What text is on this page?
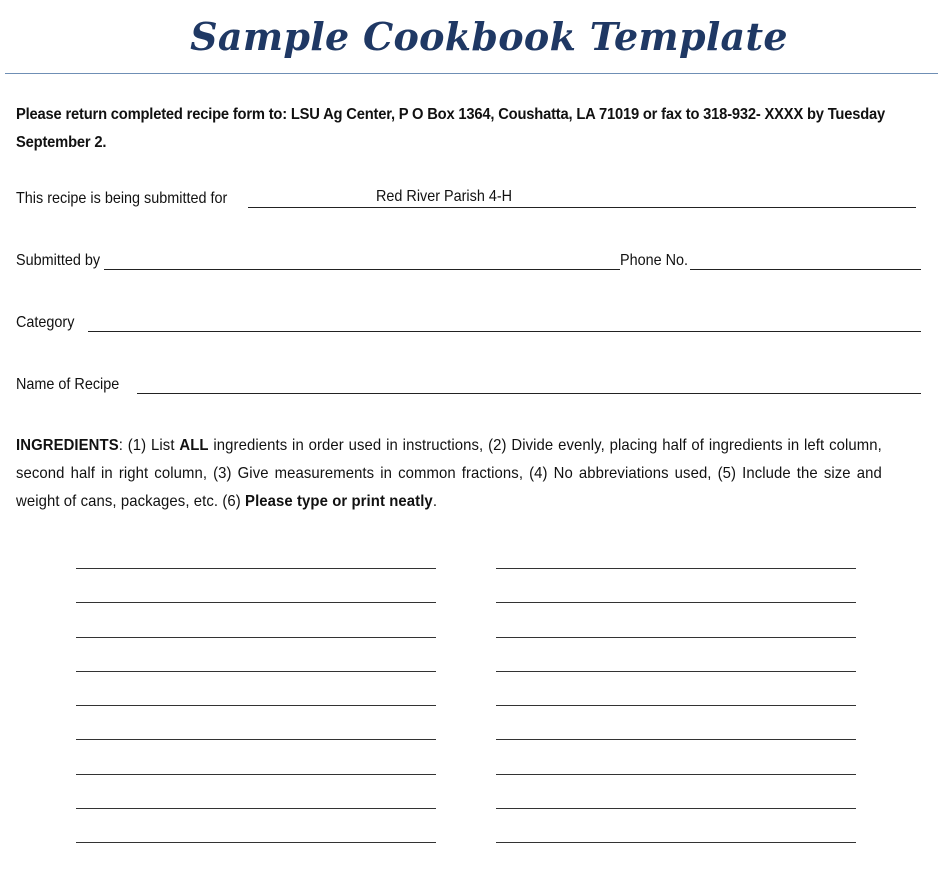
Sample Cookbook Template
Please return completed recipe form to: LSU Ag Center, P O Box 1364, Coushatta, LA 71019 or fax to 318-932- XXXX by Tuesday September 2.
This recipe is being submitted for	Red River Parish 4-H
Submitted by	Phone No.
Category
Name of Recipe
INGREDIENTS: (1) List ALL ingredients in order used in instructions, (2) Divide evenly, placing half of ingredients in left column, second half in right column, (3) Give measurements in common fractions, (4) No abbreviations used, (5) Include the size and weight of cans, packages, etc. (6) Please type or print neatly.
